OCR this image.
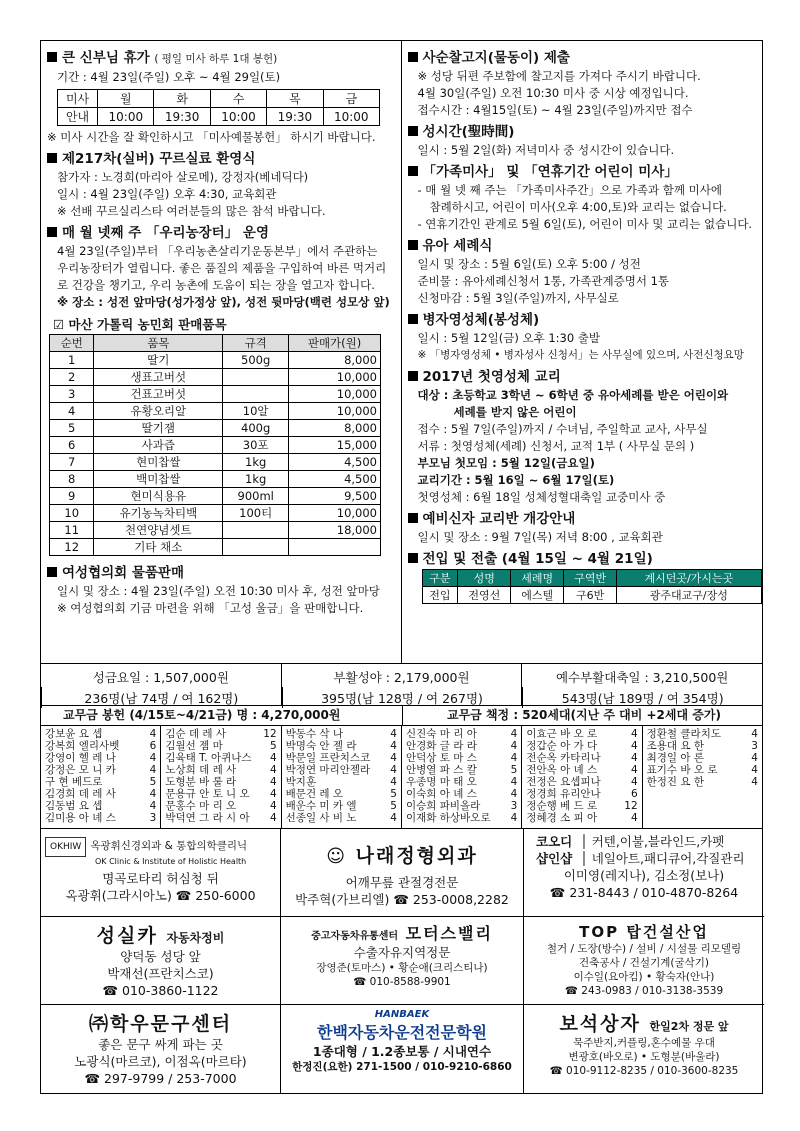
큰 신부님 휴가 ( 평일 미사 하루 1대 봉헌)
기간 : 4월 23일(주일) 오후 ~ 4월 29일(토)
미사	월	화	수	목	금
안내	10:00	19:30	10:00	19:30	10:00
※ 미사 시간을 잘 확인하시고 「미사예물봉헌」 하시기 바랍니다.
제217차(실버) 꾸르실료 환영식
참가자 : 노경희(마리아 살로메), 강정자(베네딕다)
일시 : 4월 23일(주일) 오후 4:30, 교육회관
※ 선배 꾸르실리스타 여러분들의 많은 참석 바랍니다.
매 월 넷째 주 「우리농장터」 운영
4월 23일(주일)부터 「우리농촌살리기운동본부」에서 주관하는
우리농장터가 열립니다. 좋은 품질의 제품을 구입하여 바른 먹거리
로 건강을 챙기고, 우리 농촌에 도움이 되는 장을 열고자 합니다.
※ 장소 : 성전 앞마당(성가정상 앞), 성전 뒷마당(백련 성모상 앞)
☑ 마산 가톨릭 농민회 판매품목
순번	품목	규격	판매가(원)
1	딸기	500g	8,000
2	생표고버섯		10,000
3	건표고버섯		10,000
4	유황오리알	10알	10,000
5	딸기잼	400g	8,000
6	사과즙	30포	15,000
7	현미찹쌀	1kg	4,500
8	백미찹쌀	1kg	4,500
9	현미식용유	900ml	9,500
10	유기농녹차티백	100티	10,000
11	천연양념셋트		18,000
12	기타 채소		
여성협의회 물품판매
일시 및 장소 : 4월 23일(주일) 오전 10:30 미사 후, 성전 앞마당
※ 여성협의회 기금 마련을 위해 「고성 울금」을 판매합니다.
사순찰고지(물동이) 제출
※ 성당 뒤편 주보함에 찰고지를 가져다 주시기 바랍니다.
4월 30일(주일) 오전 10:30 미사 중 시상 예정입니다.
접수시간 : 4월15일(토) ~ 4월 23일(주일)까지만 접수
성시간(聖時間)
일시 : 5월 2일(화) 저녁미사 중 성시간이 있습니다.
「가족미사」 및 「연휴기간 어린이 미사」
- 매 월 넷 째 주는 「가족미사주간」으로 가족과 함께 미사에
참례하시고, 어린이 미사(오후 4:00,토)와 교리는 없습니다.
- 연휴기간인 관계로 5월 6일(토), 어린이 미사 및 교리는 없습니다.
유아 세례식
일시 및 장소 : 5월 6일(토) 오후 5:00 / 성전
준비물 : 유아세례신청서 1통, 가족관계증명서 1통
신청마감 : 5월 3일(주일)까지, 사무실로
병자영성체(봉성체)
일시 : 5월 12일(금) 오후 1:30 출발
※ 「병자영성체 • 병자성사 신청서」는 사무실에 있으며, 사전신청요망
2017년 첫영성체 교리
대상 : 초등학교 3학년 ~ 6학년 중 유아세례를 받은 어린이와
세례를 받지 않은 어린이
접수 : 5월 7일(주일)까지 / 수녀님, 주일학교 교사, 사무실
서류 : 첫영성체(세례) 신청서, 교적 1부 ( 사무실 문의 )
부모님 첫모임 : 5월 12일(금요일)
교리기간 : 5월 16일 ~ 6월 17일(토)
첫영성체 : 6월 18일 성체성혈대축일 교중미사 중
예비신자 교리반 개강안내
일시 및 장소 : 9월 7일(목) 저녁 8:00 , 교육회관
전입 및 전출 (4월 15일 ~ 4월 21일)
구분	성명	세례명	구역반	계시던곳/가시는곳
전입	전영선	에스텔	구6반	광주대교구/장성
성금요일 : 1,507,000원
236명(남 74명 / 여 162명)
부활성야 : 2,179,000원
395명(남 128명 / 여 267명)
예수부활대축일 : 3,210,500원
543명(남 189명 / 여 354명)
교무금 봉헌 (4/15토~4/21금) 명 : 4,270,000원	교무금 책정 : 520세대(지난 주 대비 +2세대 증가)
강보윤 요 셉	4
강복희 엘리사벳	6
강영이 헬 레 나	4
강정은 모 니 카	4
구 현 베드로	5
김경희 데 레 사	4
김동범 요 셉	4
김미용 아 녜 스	3
김순 데 레 사	12
김월선 젬 마	5
김육태 T. 아퀴나스 4
노상희 데 레 사	4
도형분 바 룰 라	4
문용규 안 토 니 오 4
문홍수 마 리 오	4
박덕연 그 라 시 아 4
박동수 삭 나	4
박명숙 안 젤 라	4
박문일 프란치스코 4
박정연 마리안젤라 4
박지훈	4
배문건 레 오	5
배운수 미 카 엘	5
선종일 사 비 노	4
신진숙 마 리 아	4
안경화 글 라 라	4
안덕상 토 마 스	4
안병열 파 스 칼	5
우종명 마 태 오	4
이숙희 아 녜 스	4
이승희 파비올라	3
이재화 하상바오로 4
이효근 바 오 로	4
정갑순 아 가 다	4
전순옥 카타리나	4
전안옥 아 녜 스	4
전정은 요셉피나	4
정경희 유리안나	6
정순행 베 드 로	12
정혜경 소 피 아	4
정환철 클라치도	4
조용대 요 한	3
최경일 아 론	4
표기수 바 오 로	4
한정진 요 한	4
OKHIW 옥광휘신경외과 & 통합의학클리닉
OK Clinic & Institute of Holistic Health
명곡로타리 허심청 뒤
옥광휘(그라시아노) ☎ 250-6000
☺ 나래정형외과
어깨무릎 관절경전문
박주혁(가브리엘) ☎ 253-0008,2282
코오디  │ 커텐,이불,블라인드,카펫
샵인샵  │ 네일아트,패디큐어,각질관리
이미영(레지나), 김소정(보나)
☎ 231-8443 / 010-4870-8264
성실카 자동차정비
양덕동 성당 앞
박재선(프란치스코)
☎ 010-3860-1122
중고자동차유통센터 모터스밸리
수출자유지역정문
장영준(토마스) • 황순애(크리스티나)
☎ 010-8588-9901
TOP 탑건설산업
철거 / 도장(방수) / 설비 / 시설물 리모델링
건축공사 / 건설기계(굴삭기)
이수일(요아킴) • 황숙자(안나)
☎ 243-0983 / 010-3138-3539
㈜학우문구센터
좋은 문구 싸게 파는 곳
노광식(마르코), 이점옥(마르타)
☎ 297-9799 / 253-7000
HANBAEK
한백자동차운전전문학원
1종대형 / 1.2종보통 / 시내연수
한정진(요한) 271-1500 / 010-9210-6860
보석상자 한일2차 정문 앞
묵주반지,커플링,혼수예물 우대
변광호(바오로) • 도형분(바울라)
☎ 010-9112-8235 / 010-3600-8235
